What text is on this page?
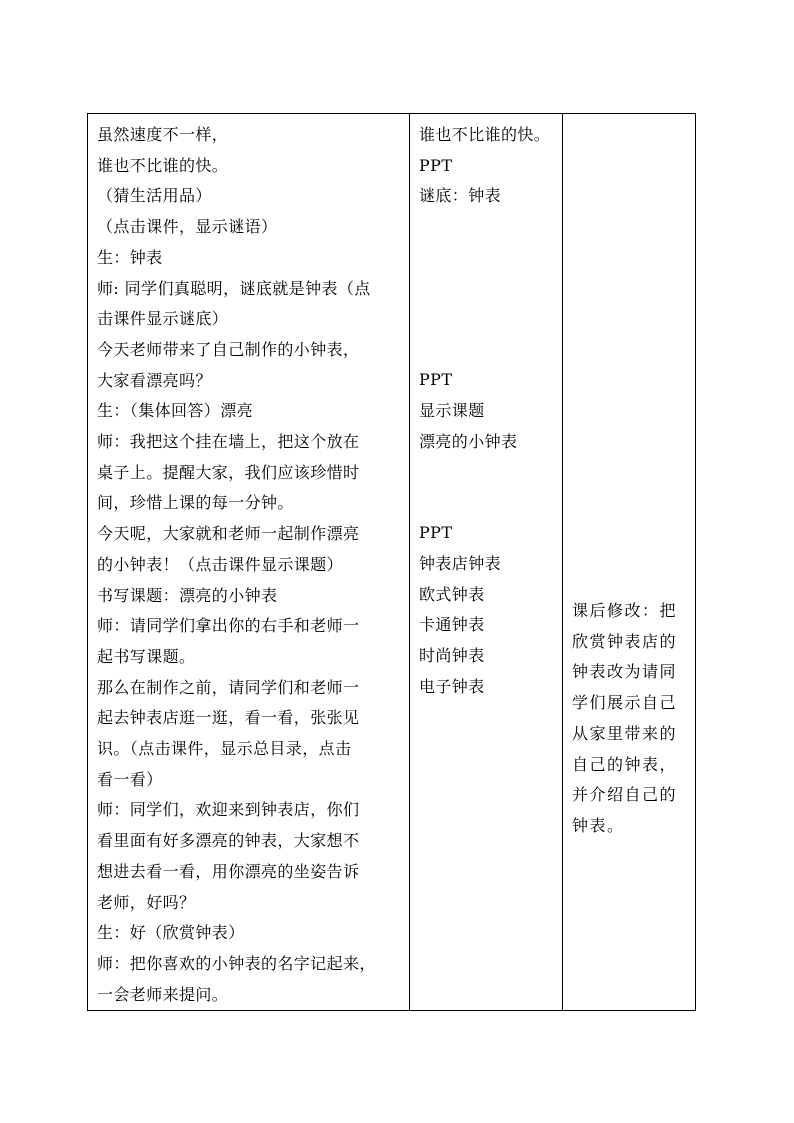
虽然速度不一样，
谁也不比谁的快。
（猜生活用品）
（点击课件，显示谜语）
生：钟表
师: 同学们真聪明，谜底就是钟表（点
击课件显示谜底）
今天老师带来了自己制作的小钟表，
大家看漂亮吗？
生：（集体回答）漂亮
师：我把这个挂在墙上，把这个放在
桌子上。提醒大家，我们应该珍惜时
间，珍惜上课的每一分钟。
今天呢，大家就和老师一起制作漂亮
的小钟表！（点击课件显示课题）
书写课题：漂亮的小钟表
师：请同学们拿出你的右手和老师一
起书写课题。
那么在制作之前，请同学们和老师一
起去钟表店逛一逛，看一看，张张见
识。（点击课件，显示总目录，点击
看一看）
师：同学们，欢迎来到钟表店，你们
看里面有好多漂亮的钟表，大家想不
想进去看一看，用你漂亮的坐姿告诉
老师，好吗？
生：好（欣赏钟表）
师：把你喜欢的小钟表的名字记起来，
一会老师来提问。

谁也不比谁的快。
PPT
谜底：钟表
PPT
显示课题
漂亮的小钟表
PPT
钟表店钟表
欧式钟表
卡通钟表
时尚钟表
电子钟表

课后修改：把欣赏钟表店的钟表改为请同学们展示自己从家里带来的自己的钟表，并介绍自己的钟表。
